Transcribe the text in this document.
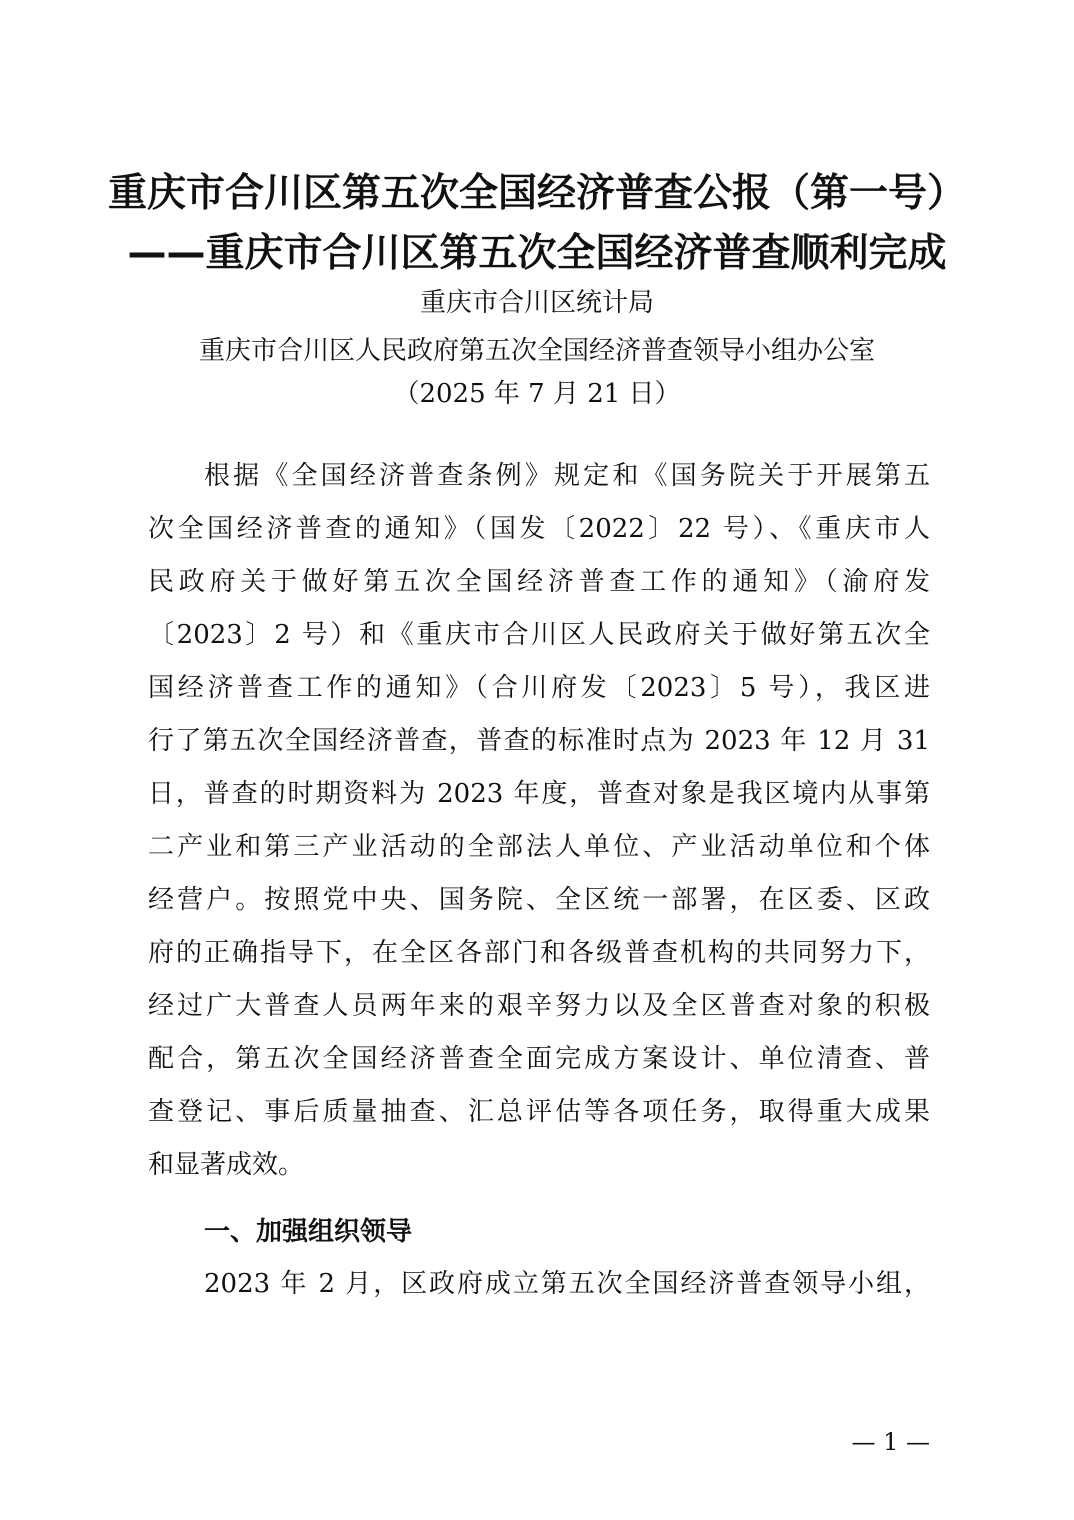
重庆市合川区第五次全国经济普查公报（第一号）
——重庆市合川区第五次全国经济普查顺利完成
重庆市合川区统计局
重庆市合川区人民政府第五次全国经济普查领导小组办公室
（2025 年 7 月 21 日）
根据《全国经济普查条例》规定和《国务院关于开展第五
次全国经济普查的通知》（国发〔2022〕22 号）、《重庆市人
民政府关于做好第五次全国经济普查工作的通知》（渝府发
〔2023〕2 号）和《重庆市合川区人民政府关于做好第五次全
国经济普查工作的通知》（合川府发〔2023〕5 号），我区进
行了第五次全国经济普查，普查的标准时点为 2023 年 12 月 31
日，普查的时期资料为 2023 年度，普查对象是我区境内从事第
二产业和第三产业活动的全部法人单位、产业活动单位和个体
经营户。按照党中央、国务院、全区统一部署，在区委、区政
府的正确指导下，在全区各部门和各级普查机构的共同努力下，
经过广大普查人员两年来的艰辛努力以及全区普查对象的积极
配合，第五次全国经济普查全面完成方案设计、单位清查、普
查登记、事后质量抽查、汇总评估等各项任务，取得重大成果
和显著成效。
一、加强组织领导
2023 年 2 月，区政府成立第五次全国经济普查领导小组，
— 1 —
